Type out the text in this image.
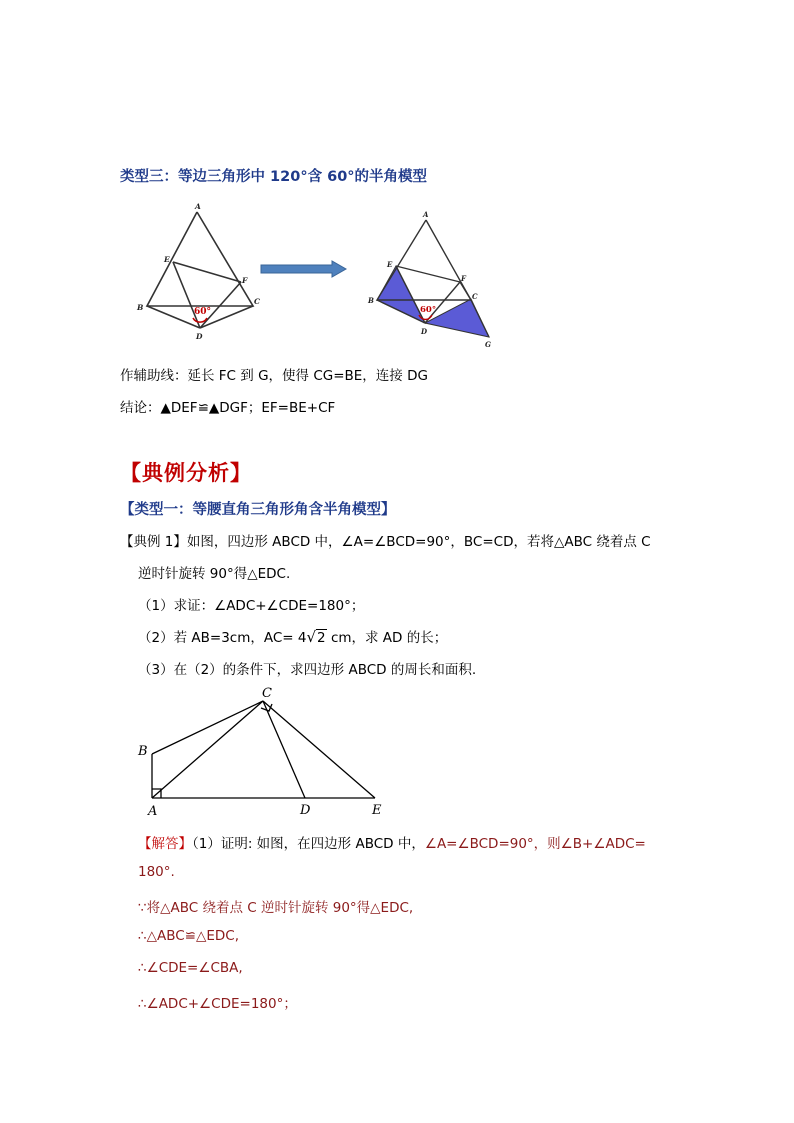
类型三：等边三角形中 120°含 60°的半角模型
A
E
F
B
C
D
60°
A
E
F
B	C
D
G
60°
作辅助线：延长 FC 到 G，使得 CG=BE，连接 DG
结论：▲DEF≌▲DGF；EF=BE+CF
【典例分析】
【类型一：等腰直角三角形角含半角模型】
【典例 1】如图，四边形 ABCD 中，∠A=∠BCD=90°，BC=CD，若将△ABC 绕着点 C
逆时针旋转 90°得△EDC.
（1）求证：∠ADC+∠CDE=180°；
（2）若 AB=3cm，AC= 4√2 cm，求 AD 的长；
（3）在（2）的条件下，求四边形 ABCD 的周长和面积.
C
B
A	D	E
【解答】（1）证明: 如图，在四边形 ABCD 中，∠A=∠BCD=90°，则∠B+∠ADC=
180°.
∵将△ABC 绕着点 C 逆时针旋转 90°得△EDC,
∴△ABC≌△EDC,
∴∠CDE=∠CBA,
∴∠ADC+∠CDE=180°；
